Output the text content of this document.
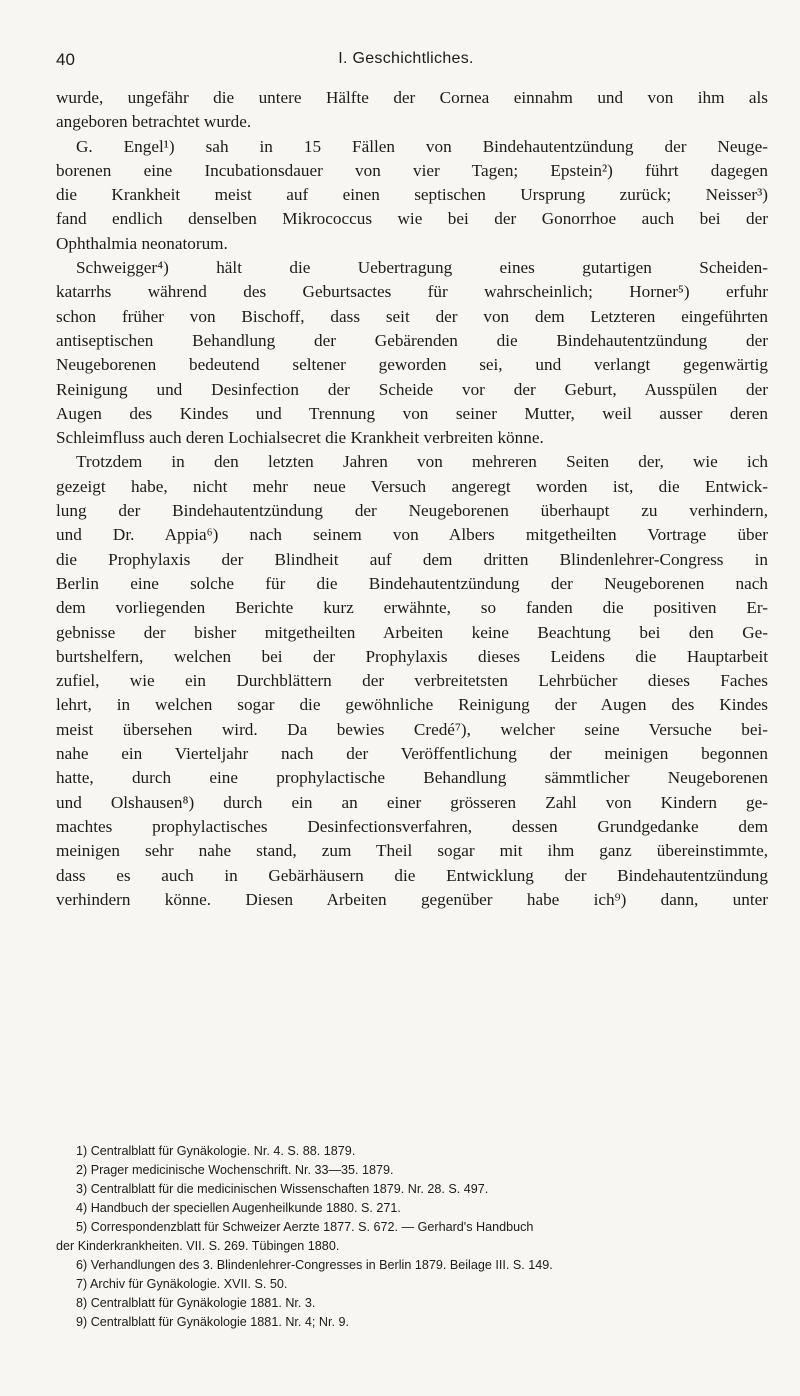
40	I. Geschichtliches.
wurde, ungefähr die untere Hälfte der Cornea einnahm und von ihm als
angeboren betrachtet wurde.
G. Engel¹) sah in 15 Fällen von Bindehautentzündung der Neuge-
borenen eine Incubationsdauer von vier Tagen; Epstein²) führt dagegen
die Krankheit meist auf einen septischen Ursprung zurück; Neisser³)
fand endlich denselben Mikrococcus wie bei der Gonorrhoe auch bei der
Ophthalmia neonatorum.
Schweigger⁴) hält die Uebertragung eines gutartigen Scheiden-
katarrhs während des Geburtsactes für wahrscheinlich; Horner⁵) erfuhr
schon früher von Bischoff, dass seit der von dem Letzteren eingeführten
antiseptischen Behandlung der Gebärenden die Bindehautentzündung der
Neugeborenen bedeutend seltener geworden sei, und verlangt gegenwärtig
Reinigung und Desinfection der Scheide vor der Geburt, Ausspülen der
Augen des Kindes und Trennung von seiner Mutter, weil ausser deren
Schleimfluss auch deren Lochialsecret die Krankheit verbreiten könne.
Trotzdem in den letzten Jahren von mehreren Seiten der, wie ich
gezeigt habe, nicht mehr neue Versuch angeregt worden ist, die Entwick-
lung der Bindehautentzündung der Neugeborenen überhaupt zu verhindern,
und Dr. Appia⁶) nach seinem von Albers mitgetheilten Vortrage über
die Prophylaxis der Blindheit auf dem dritten Blindenlehrer-Congress in
Berlin eine solche für die Bindehautentzündung der Neugeborenen nach
dem vorliegenden Berichte kurz erwähnte, so fanden die positiven Er-
gebnisse der bisher mitgetheilten Arbeiten keine Beachtung bei den Ge-
burtshelfern, welchen bei der Prophylaxis dieses Leidens die Hauptarbeit
zufiel, wie ein Durchblättern der verbreitetsten Lehrbücher dieses Faches
lehrt, in welchen sogar die gewöhnliche Reinigung der Augen des Kindes
meist übersehen wird. Da bewies Credé⁷), welcher seine Versuche bei-
nahe ein Vierteljahr nach der Veröffentlichung der meinigen begonnen
hatte, durch eine prophylactische Behandlung sämmtlicher Neugeborenen
und Olshausen⁸) durch ein an einer grösseren Zahl von Kindern ge-
machtes prophylactisches Desinfectionsverfahren, dessen Grundgedanke dem
meinigen sehr nahe stand, zum Theil sogar mit ihm ganz übereinstimmte,
dass es auch in Gebärhäusern die Entwicklung der Bindehautentzündung
verhindern könne. Diesen Arbeiten gegenüber habe ich⁹) dann, unter
1) Centralblatt für Gynäkologie. Nr. 4. S. 88. 1879.
2) Prager medicinische Wochenschrift. Nr. 33—35. 1879.
3) Centralblatt für die medicinischen Wissenschaften 1879. Nr. 28. S. 497.
4) Handbuch der speciellen Augenheilkunde 1880. S. 271.
5) Correspondenzblatt für Schweizer Aerzte 1877. S. 672. — Gerhard's Handbuch
der Kinderkrankheiten. VII. S. 269. Tübingen 1880.
6) Verhandlungen des 3. Blindenlehrer-Congresses in Berlin 1879. Beilage III. S. 149.
7) Archiv für Gynäkologie. XVII. S. 50.
8) Centralblatt für Gynäkologie 1881. Nr. 3.
9) Centralblatt für Gynäkologie 1881. Nr. 4; Nr. 9.
